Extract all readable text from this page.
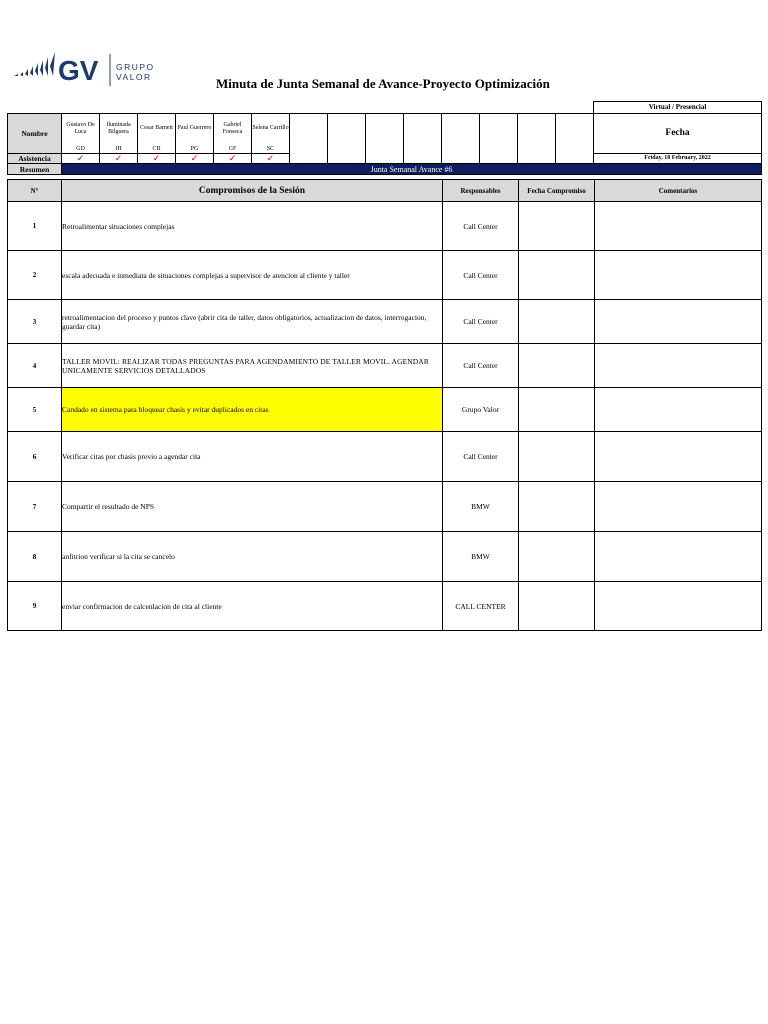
GV GRUPO
VALOR	Minuta de Junta Semanal de Avance-Proyecto Optimización
															Virtual / Presencial
Nombre	Gustavo De Luca	Iluminada Bilguera	Cesar Barnett	Paul Guerrero	Gabriel Fonseca	Selena Carrillo									Fecha
	GD	IH	CB	PG	GF	SC									
Asistencia	✓	✓	✓	✓	✓	✓									Friday, 18 February, 2022
Resumen	Junta Semanal Avance #6														
N°	Compromisos de la Sesión	Responsables	Fecha Compromiso	Comentarios
1	Retroalimentar situaciones complejas	Call Center		
2	escala adecuada e inmediata de situaciones complejas a supervisor de atencion al cliente y taller	Call Center		
3	retroalimentacion del proceso y puntos clave (abrir cita de taller, datos obligatorios, actualizacion de datos, interrogacion, guardar cita)	Call Center		
4	TALLER MOVIL: REALIZAR TODAS PREGUNTAS PARA AGENDAMIENTO DE TALLER MOVIL. AGENDAR UNICAMENTE SERVICIOS DETALLADOS	Call Center		
5	Candado en sistema para bloquear chasis y evitar duplicados en citas	Grupo Valor		
6	Verificar citas por chasis previo a agendar cita	Call Center		
7	Compartir el resultado de NPS	BMW		
8	anfitrion verificar si la cita se cancelo	BMW		
9	enviar confirmacion de calcenlacion de cita al cliente	CALL CENTER		
